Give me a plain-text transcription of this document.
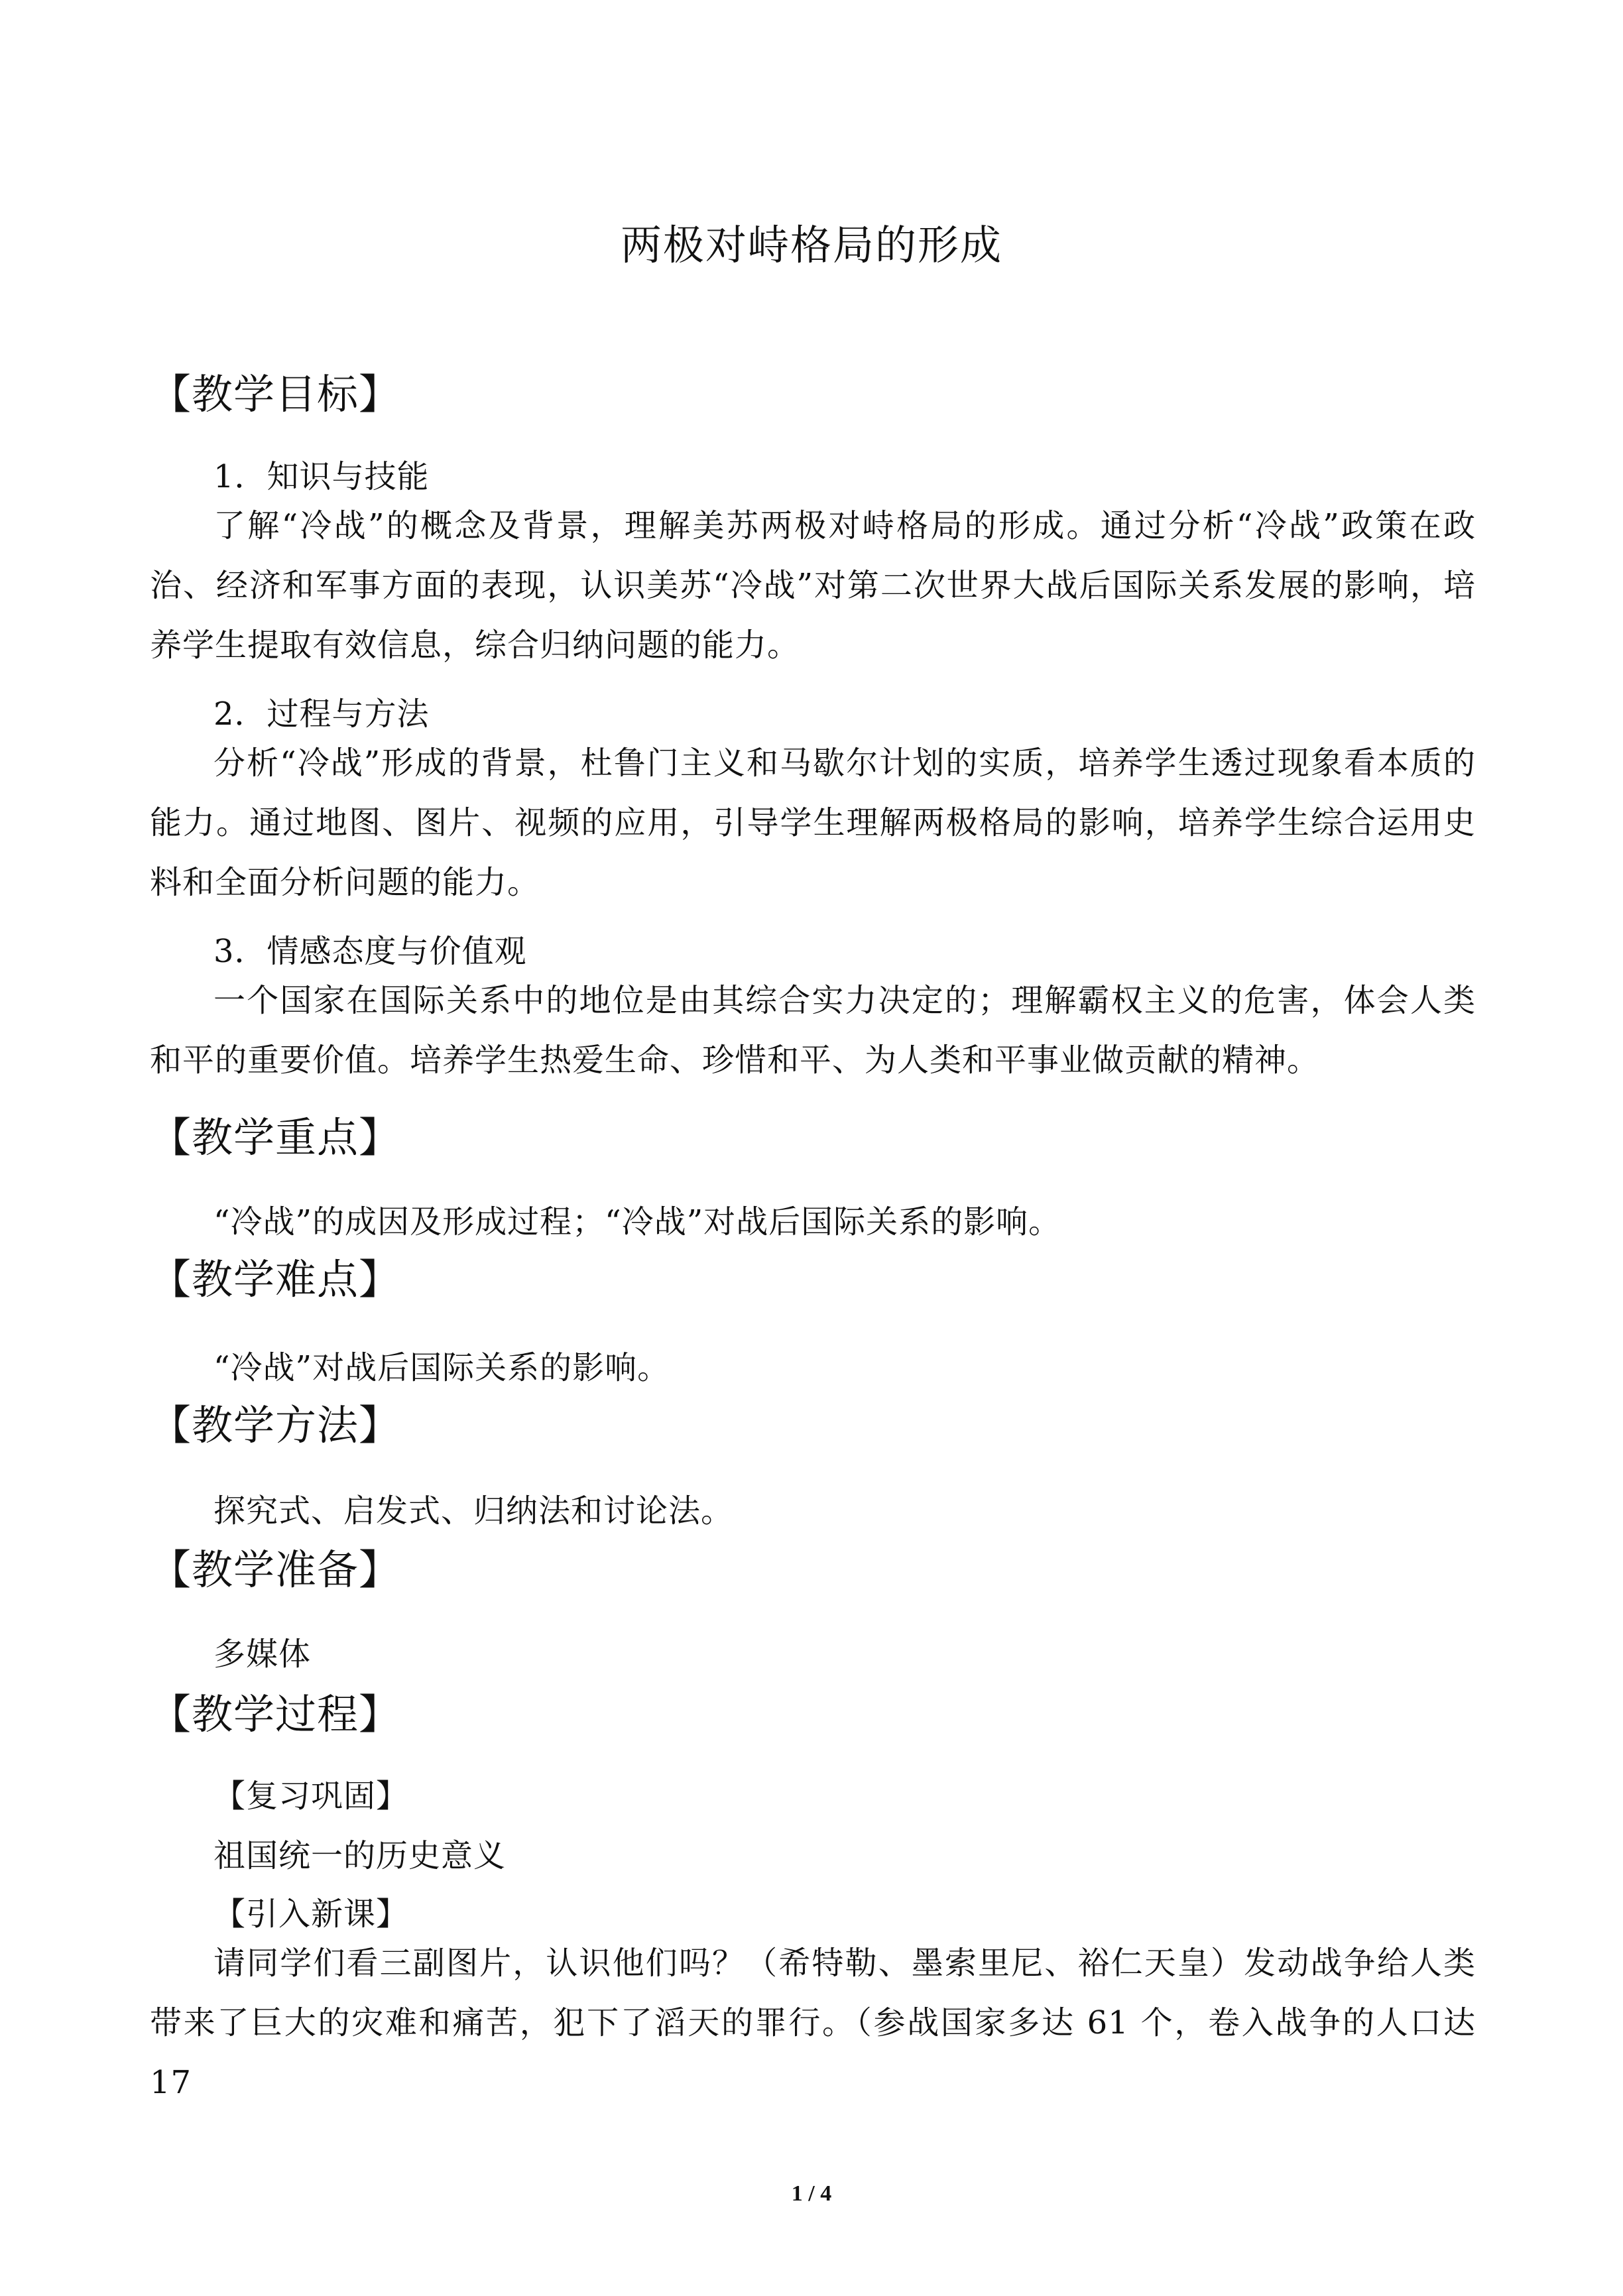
两极对峙格局的形成
【教学目标】
1．知识与技能
了解“冷战”的概念及背景，理解美苏两极对峙格局的形成。通过分析“冷战”政策在政治、经济和军事方面的表现，认识美苏“冷战”对第二次世界大战后国际关系发展的影响，培养学生提取有效信息，综合归纳问题的能力。
2．过程与方法
分析“冷战”形成的背景，杜鲁门主义和马歇尔计划的实质，培养学生透过现象看本质的能力。通过地图、图片、视频的应用，引导学生理解两极格局的影响，培养学生综合运用史料和全面分析问题的能力。
3．情感态度与价值观
一个国家在国际关系中的地位是由其综合实力决定的；理解霸权主义的危害，体会人类和平的重要价值。培养学生热爱生命、珍惜和平、为人类和平事业做贡献的精神。
【教学重点】
“冷战”的成因及形成过程；“冷战”对战后国际关系的影响。
【教学难点】
“冷战”对战后国际关系的影响。
【教学方法】
探究式、启发式、归纳法和讨论法。
【教学准备】
多媒体
【教学过程】
【复习巩固】
祖国统一的历史意义
【引入新课】
请同学们看三副图片，认识他们吗？（希特勒、墨索里尼、裕仁天皇）发动战争给人类带来了巨大的灾难和痛苦，犯下了滔天的罪行。（参战国家多达 61 个，卷入战争的人口达 17
1 / 4
